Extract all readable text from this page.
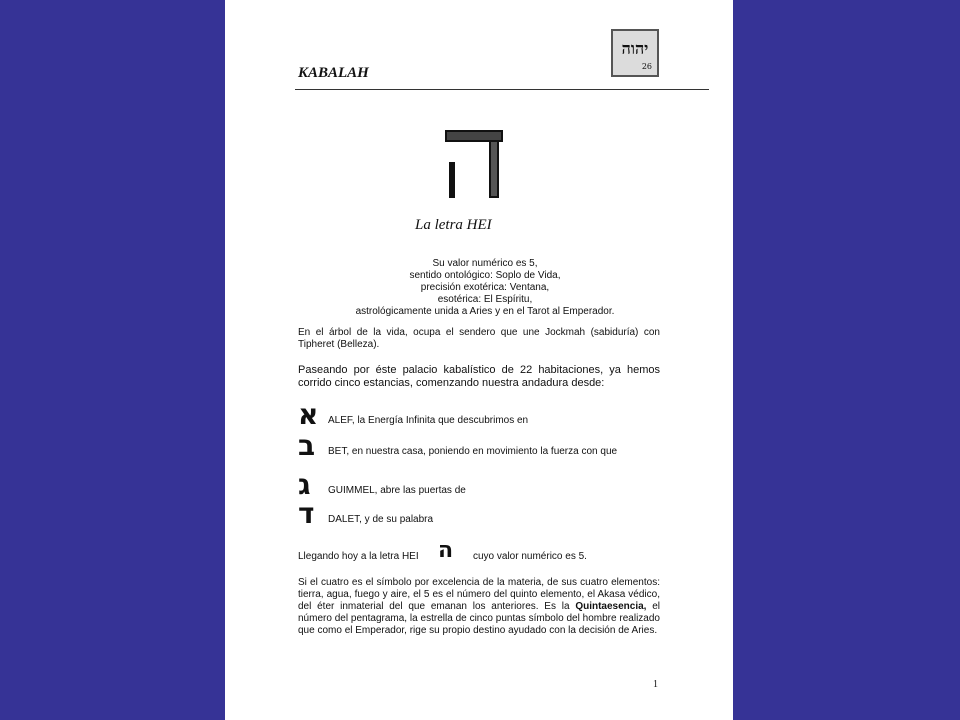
KABALAH
יהוה
26
La letra HEI
Su valor numérico es 5,
sentido ontológico: Soplo de Vida,
precisión exotérica: Ventana,
esotérica: El Espíritu,
astrológicamente unida a Aries y en el Tarot al Emperador.
En el árbol de la vida, ocupa el sendero que une Jockmah (sabiduría) con Tipheret (Belleza).
Paseando por éste palacio kabalístico de 22 habitaciones, ya hemos corrido cinco estancias, comenzando nuestra andadura desde:
א ALEF, la Energía Infinita que descubrimos en
ב BET, en nuestra casa, poniendo en movimiento la fuerza con que
ג GUIMMEL, abre las puertas de
ד DALET, y de su palabra
Llegando hoy a la letra HEI ה cuyo valor numérico es 5.
Si el cuatro es el símbolo por excelencia de la materia, de sus cuatro elementos: tierra, agua, fuego y aire, el 5 es el número del quinto elemento, el Akasa védico, del éter inmaterial del que emanan los anteriores. Es la Quintaesencia, el número del pentagrama, la estrella de cinco puntas símbolo del hombre realizado que como el Emperador, rige su propio destino ayudado con la decisión de Aries.
1
